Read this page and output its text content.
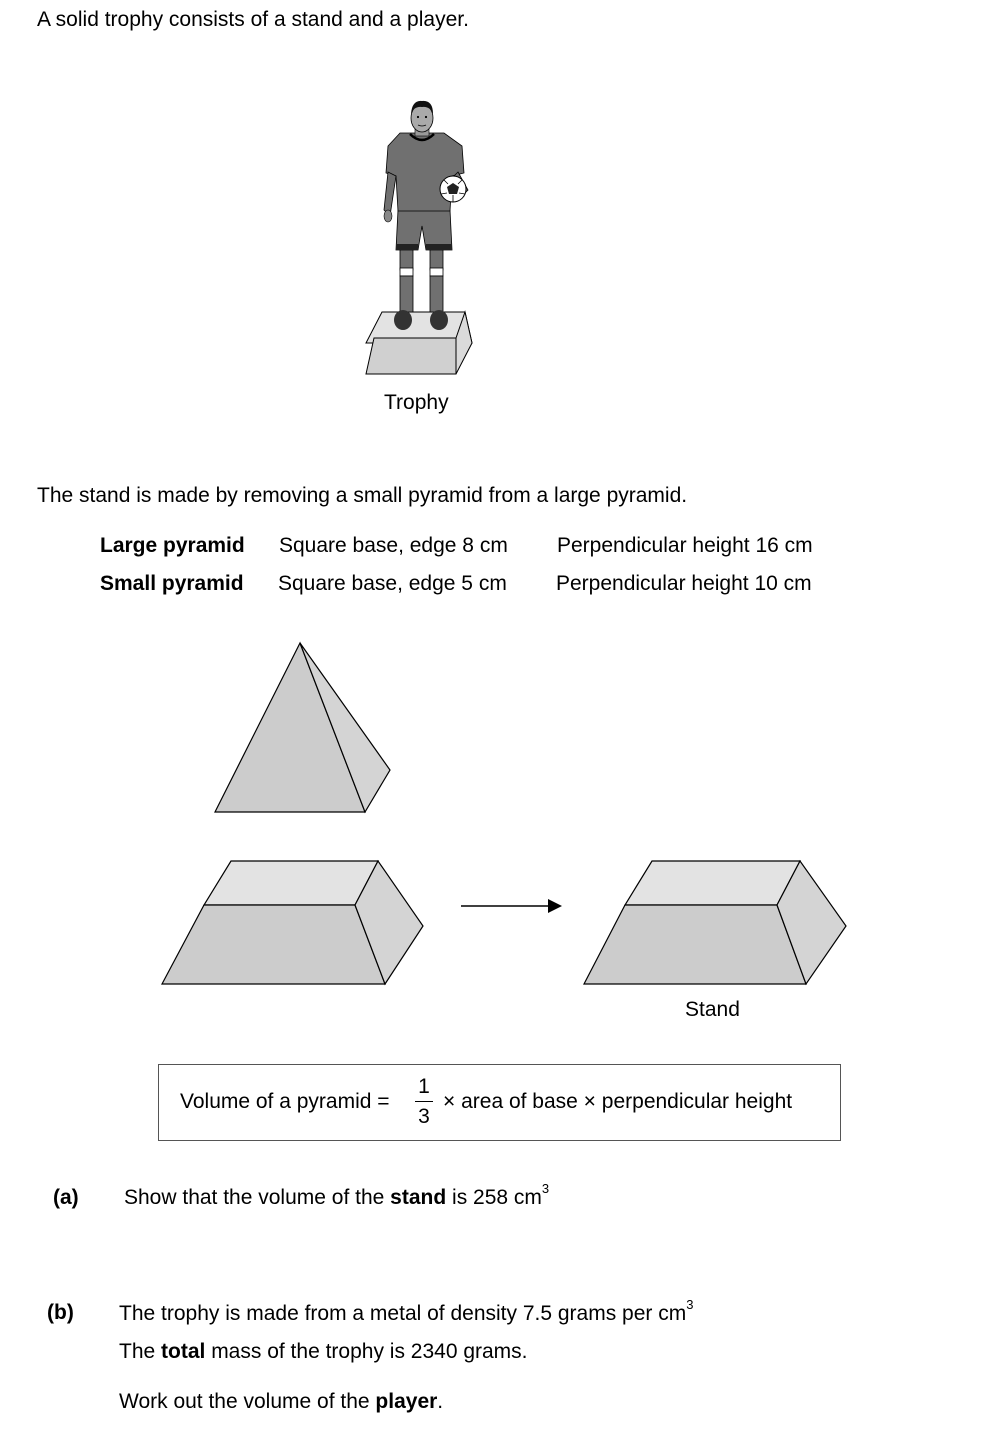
A solid trophy consists of a stand and a player.
Trophy
The stand is made by removing a small pyramid from a large pyramid.
Large pyramid Square base, edge 8 cm Perpendicular height 16 cm
Small pyramid Square base, edge 5 cm Perpendicular height 10 cm
Stand
Volume of a pyramid =
1
3
× area of base × perpendicular height
(a) Show that the volume of the stand is 258 $cm^3$
(b) The trophy is made from a metal of density 7.5 grams per $cm^3$
The total mass of the trophy is 2340 grams.
Work out the volume of the player.
